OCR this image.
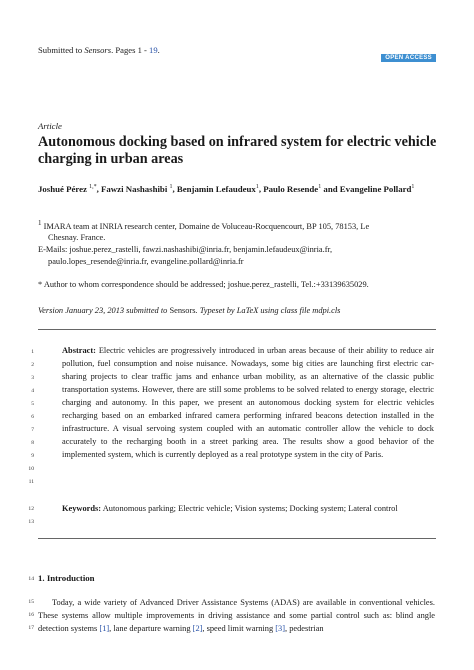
Submitted to Sensors. Pages 1 - 19.
OPEN ACCESS
Article
Autonomous docking based on infrared system for electric vehicle charging in urban areas
Joshué Pérez $^{1,*}$, Fawzi Nashashibi $^1$, Benjamin Lefaudeux$^1$, Paulo Resende$^1$ and Evangeline Pollard$^1$
$^1$ IMARA team at INRIA research center, Domaine de Voluceau-Rocquencourt, BP 105, 78153, Le
Chesnay. France.
E-Mails: joshue.perez_rastelli, fawzi.nashashibi@inria.fr, benjamin.lefaudeux@inria.fr,
paulo.lopes_resende@inria.fr, evangeline.pollard@inria.fr
* Author to whom correspondence should be addressed; joshue.perez_rastelli, Tel.:+33139635029.
Version January 23, 2013 submitted to Sensors. Typeset by LaTeX using class file mdpi.cls
1
2
3
4
5
6
7
8
9
10
11
12
13
14
15
16
17
Abstract: Electric vehicles are progressively introduced in urban areas because of their ability to reduce air pollution, fuel consumption and noise nuisance. Nowadays, some big cities are launching first electric car-sharing projects to clear traffic jams and enhance urban mobility, as an alternative of the classic public transportation systems. However, there are still some problems to be solved related to energy storage, electric charging and autonomy. In this paper, we present an autonomous docking system for electric vehicles recharging based on an embarked infrared camera performing infrared beacons detection installed in the infrastructure. A visual servoing system coupled with an automatic controller allow the vehicle to dock accurately to the recharging booth in a street parking area. The results show a good behavior of the implemented system, which is currently deployed as a real prototype system in the city of Paris.
Keywords: Autonomous parking; Electric vehicle; Vision systems; Docking system; Lateral control
1. Introduction
Today, a wide variety of Advanced Driver Assistance Systems (ADAS) are available in conventional vehicles. These systems allow multiple improvements in driving assistance and some partial control such as: blind angle detection systems [1], lane departure warning [2], speed limit warning [3], pedestrian
